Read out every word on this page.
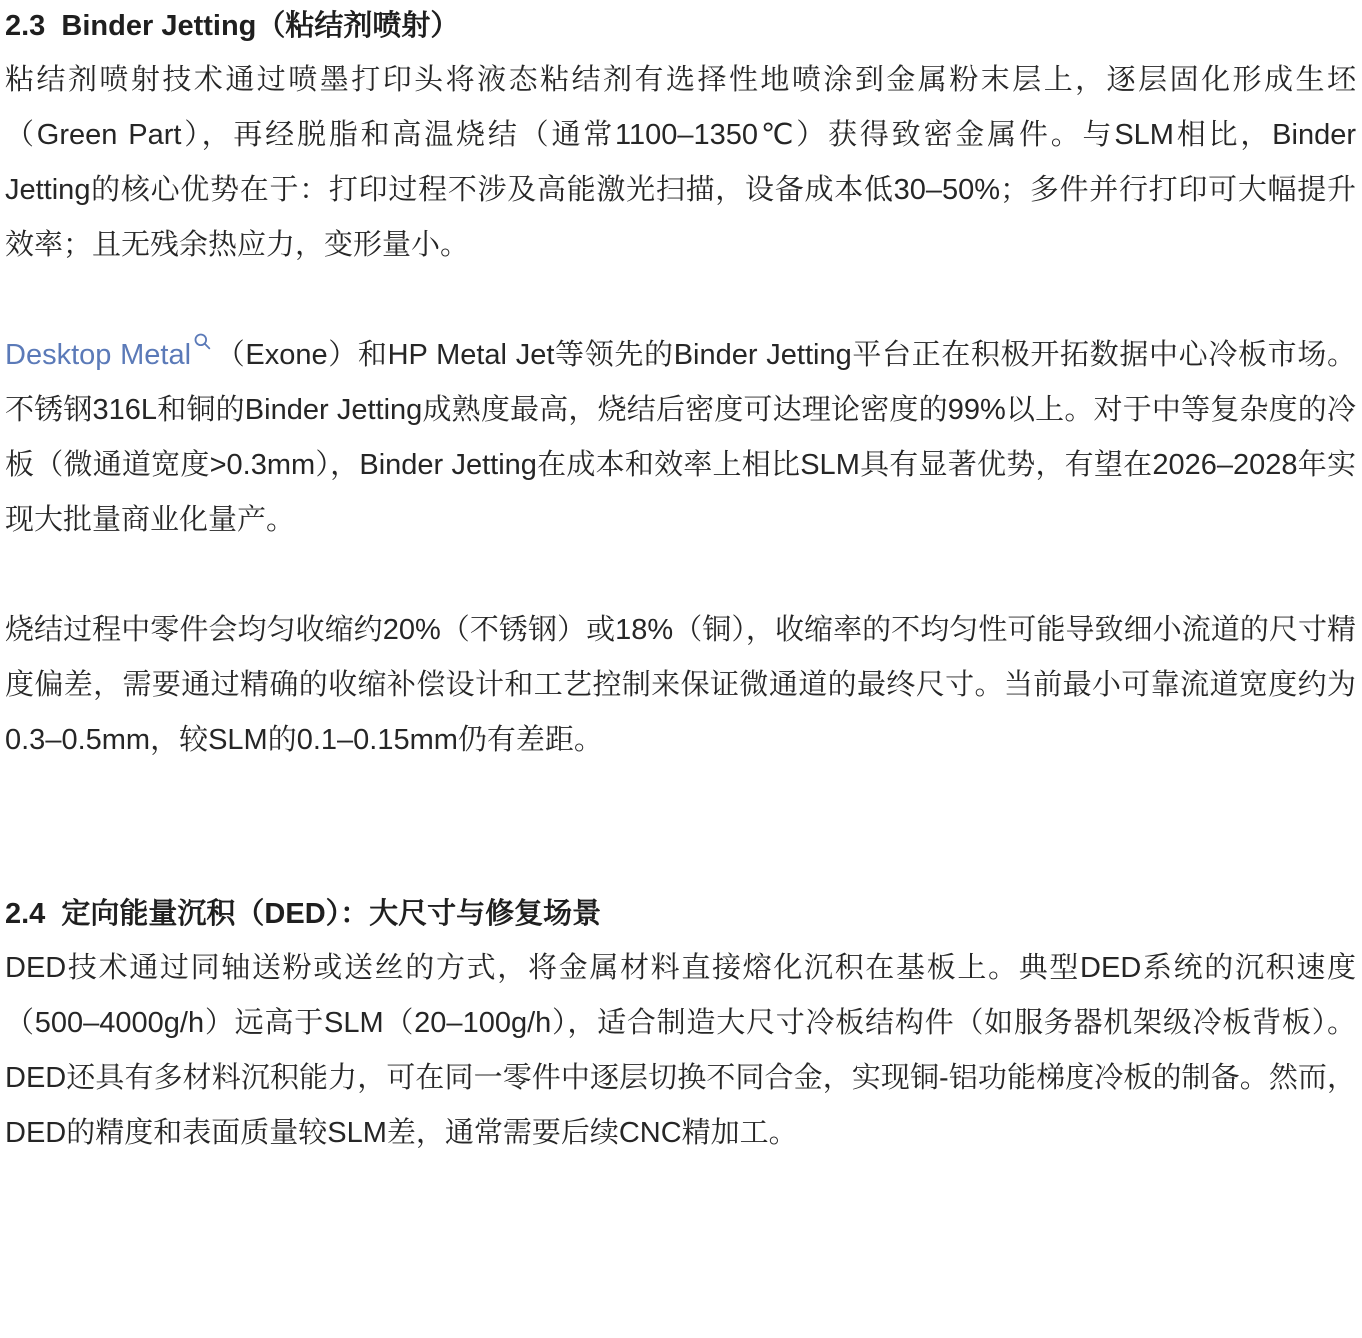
2.3  Binder Jetting（粘结剂喷射）

粘结剂喷射技术通过喷墨打印头将液态粘结剂有选择性地喷涂到金属粉末层上，逐层固化形成生坯（Green Part），再经脱脂和高温烧结（通常1100–1350℃）获得致密金属件。与SLM相比，Binder Jetting的核心优势在于：打印过程不涉及高能激光扫描，设备成本低30–50%；多件并行打印可大幅提升效率；且无残余热应力，变形量小。

Desktop Metal （Exone）和HP Metal Jet等领先的Binder Jetting平台正在积极开拓数据中心冷板市场。不锈钢316L和铜的Binder Jetting成熟度最高，烧结后密度可达理论密度的99%以上。对于中等复杂度的冷板（微通道宽度>0.3mm），Binder Jetting在成本和效率上相比SLM具有显著优势，有望在2026–2028年实现大批量商业化量产。

烧结过程中零件会均匀收缩约20%（不锈钢）或18%（铜），收缩率的不均匀性可能导致细小流道的尺寸精度偏差，需要通过精确的收缩补偿设计和工艺控制来保证微通道的最终尺寸。当前最小可靠流道宽度约为0.3–0.5mm，较SLM的0.1–0.15mm仍有差距。

2.4  定向能量沉积（DED）：大尺寸与修复场景

DED技术通过同轴送粉或送丝的方式，将金属材料直接熔化沉积在基板上。典型DED系统的沉积速度（500–4000g/h）远高于SLM（20–100g/h），适合制造大尺寸冷板结构件（如服务器机架级冷板背板）。DED还具有多材料沉积能力，可在同一零件中逐层切换不同合金，实现铜-铝功能梯度冷板的制备。然而，DED的精度和表面质量较SLM差，通常需要后续CNC精加工。
